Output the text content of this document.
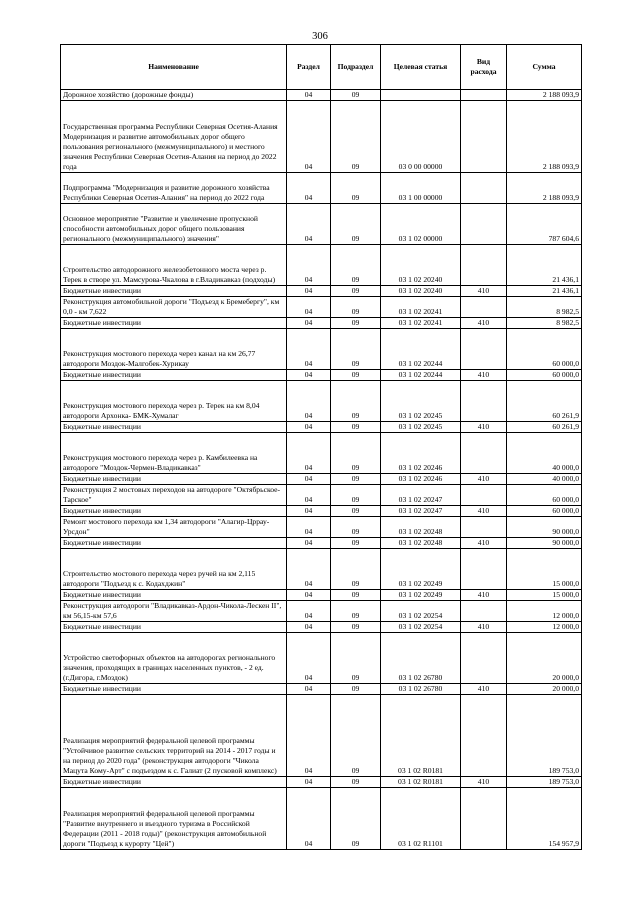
306
Наименование	Раздел	Подраздел	Целевая статья	Вид расхода	Сумма
Дорожное хозяйство (дорожные фонды)	04	09			2 188 093,9
Государственная программа Республики Северная Осетия-Алания Модернизация и развитие автомобильных дорог общего пользования регионального (межмуниципального) и местного значения Республики Северная Осетия-Алания на период до 2022 года	04	09	03 0 00 00000		2 188 093,9
Подпрограмма "Модернизация и развитие дорожного хозяйства Республики Северная Осетия-Алания" на период до 2022 года	04	09	03 1 00 00000		2 188 093,9
Основное мероприятие "Развитие и увеличение пропускной способности автомобильных дорог общего пользования регионального (межмуниципального) значения"	04	09	03 1 02 00000		787 604,6
Строительство автодорожного железобетонного моста через р. Терек в створе ул. Мамсурова-Чкалова в г.Владикавказ (подходы)	04	09	03 1 02 20240		21 436,1
Бюджетные инвестиции	04	09	03 1 02 20240	410	21 436,1
Реконструкция автомобильной дороги "Подъезд к Бремебергу", км 0,0 - км 7,622	04	09	03 1 02 20241		8 982,5
Бюджетные инвестиции	04	09	03 1 02 20241	410	8 982,5
Реконструкция мостового перехода через канал на км 26,77 автодороги Моздок-Малгобек-Хурикау	04	09	03 1 02 20244		60 000,0
Бюджетные инвестиции	04	09	03 1 02 20244	410	60 000,0
Реконструкция мостового перехода через р. Терек на км 8,04 автодороги Архонка- БМК-Хумалаг	04	09	03 1 02 20245		60 261,9
Бюджетные инвестиции	04	09	03 1 02 20245	410	60 261,9
Реконструкция мостового перехода через р. Камбилеевка на автодороге "Моздок-Чермен-Владикавказ"	04	09	03 1 02 20246		40 000,0
Бюджетные инвестиции	04	09	03 1 02 20246	410	40 000,0
Реконструкция 2 мостовых переходов на автодороге "Октябрьское-Тарское"	04	09	03 1 02 20247		60 000,0
Бюджетные инвестиции	04	09	03 1 02 20247	410	60 000,0
Ремонт мостового перехода км 1,34 автодороги "Алагир-Цррау-Урсдон"	04	09	03 1 02 20248		90 000,0
Бюджетные инвестиции	04	09	03 1 02 20248	410	90 000,0
Строительство мостового перехода через ручей на км 2,115 автодороги "Подъезд к с. Кодахджин"	04	09	03 1 02 20249		15 000,0
Бюджетные инвестиции	04	09	03 1 02 20249	410	15 000,0
Реконструкция автодороги "Владикавказ-Ардон-Чикола-Лескен II", км 56,15-км 57,6	04	09	03 1 02 20254		12 000,0
Бюджетные инвестиции	04	09	03 1 02 20254	410	12 000,0
Устройство светофорных объектов на автодорогах регионального значения, проходящих в границах населенных пунктов, - 2 ед. (г.Дигора, г.Моздок)	04	09	03 1 02 26780		20 000,0
Бюджетные инвестиции	04	09	03 1 02 26780	410	20 000,0
Реализация мероприятий федеральной целевой программы "Устойчивое развитие сельских территорий на 2014 - 2017 годы и на период до 2020 года" (реконструкция автодороги "Чикола Мацута Кому-Арт" с подъездом к с. Галиат (2 пусковой комплекс)	04	09	03 1 02 R0181		189 753,0
Бюджетные инвестиции	04	09	03 1 02 R0181	410	189 753,0
Реализация мероприятий федеральной целевой программы "Развитие внутреннего и въездного туризма в Российской Федерации (2011 - 2018 годы)" (реконструкция автомобильной дороги "Подъезд к курорту "Цей")	04	09	03 1 02 R1101		154 957,9
